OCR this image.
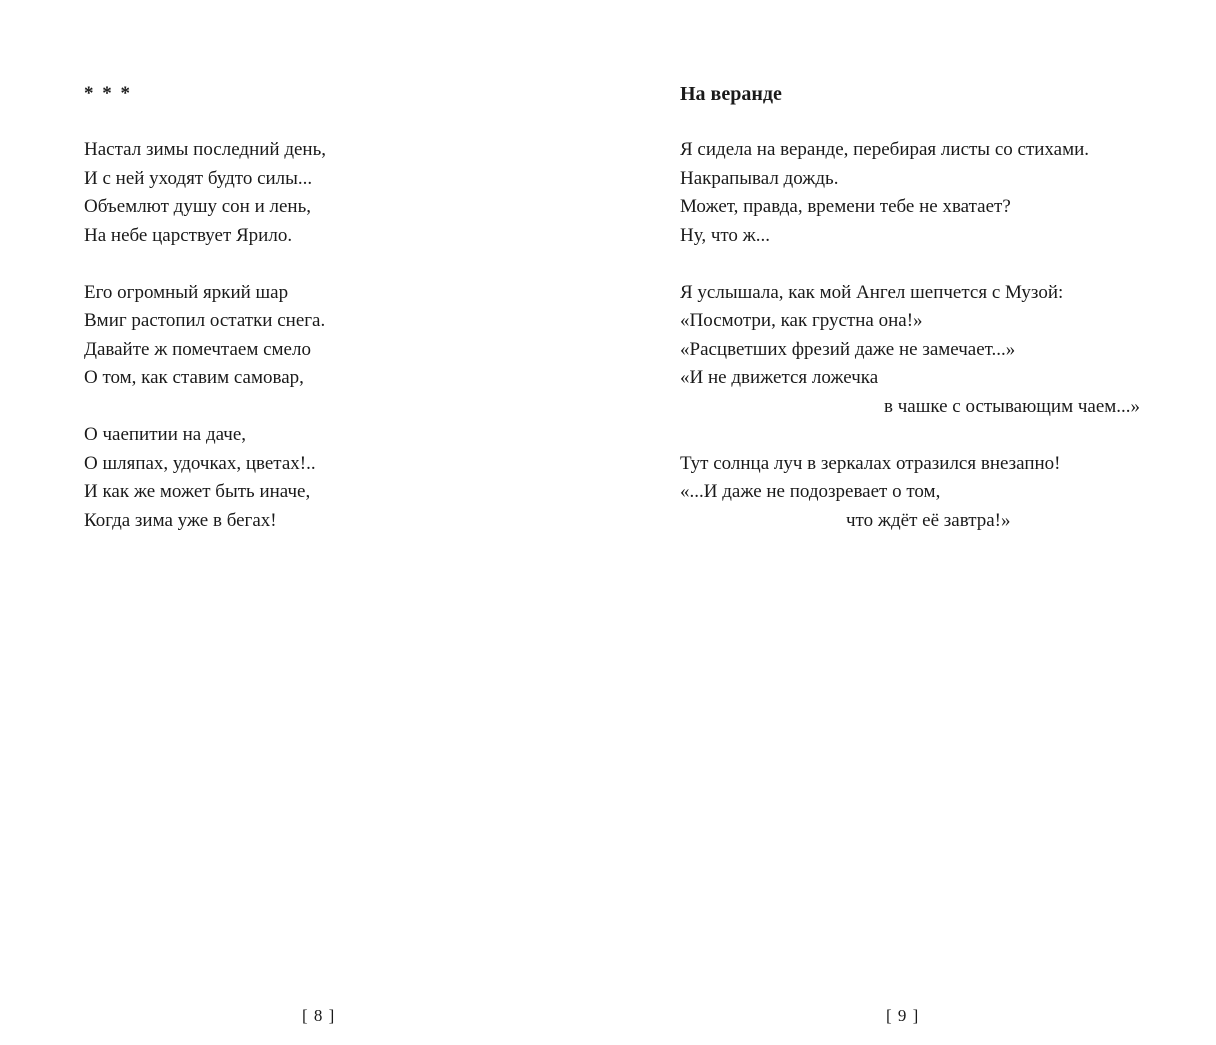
* * *
Настал зимы последний день,
И с ней уходят будто силы...
Объемлют душу сон и лень,
На небе царствует Ярило.
Его огромный яркий шар
Вмиг растопил остатки снега.
Давайте ж помечтаем смело
О том, как ставим самовар,
О чаепитии на даче,
О шляпах, удочках, цветах!..
И как же может быть иначе,
Когда зима уже в бегах!
[ 8 ]
На веранде
Я сидела на веранде, перебирая листы со стихами.
Накрапывал дождь.
Может, правда, времени тебе не хватает?
Ну, что ж...
Я услышала, как мой Ангел шепчется с Музой:
«Посмотри, как грустна она!»
«Расцветших фрезий даже не замечает...»
«И не движется ложечка
в чашке с остывающим чаем...»
Тут солнца луч в зеркалах отразился внезапно!
«...И даже не подозревает о том,
что ждёт её завтра!»
[ 9 ]
